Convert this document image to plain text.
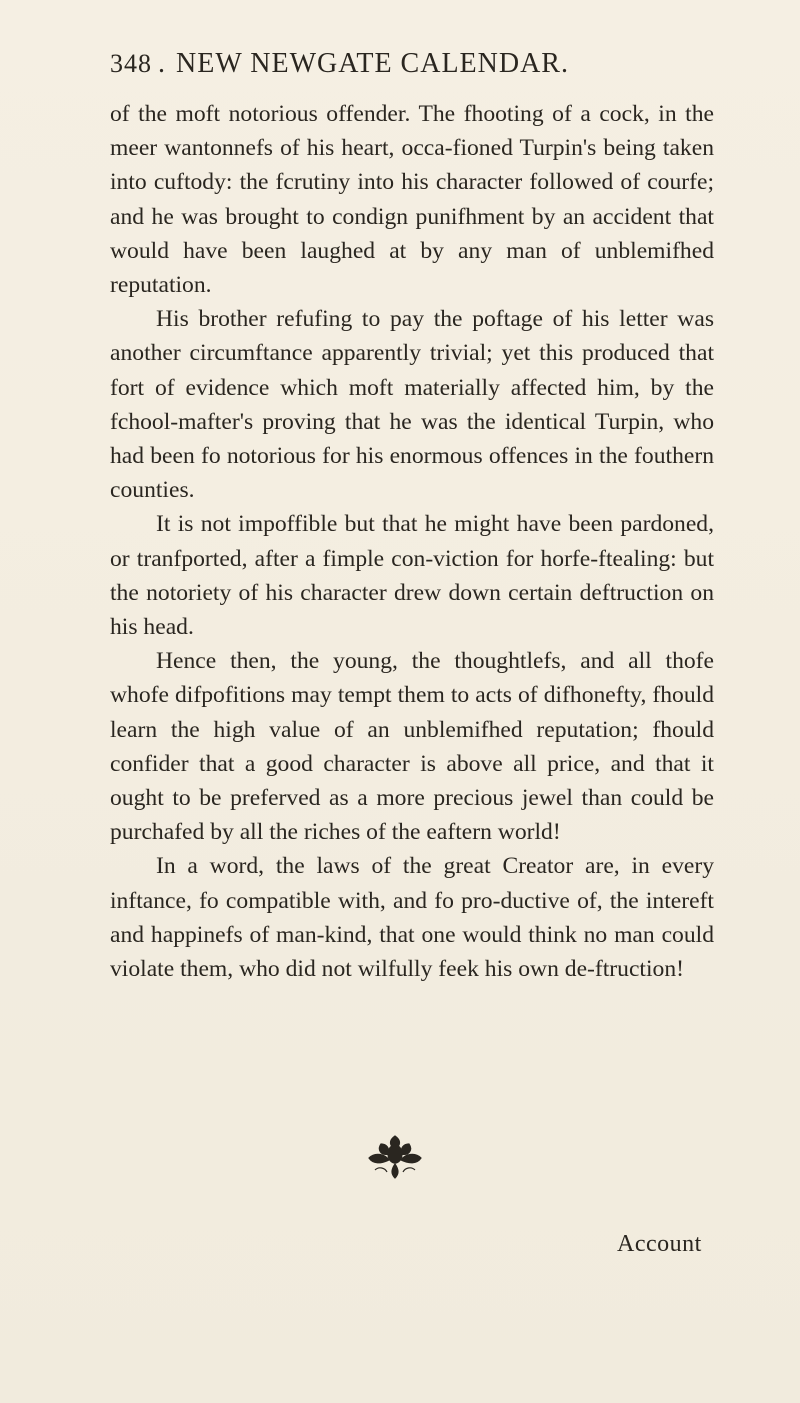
348 . NEW NEWGATE CALENDAR.

of the moft notorious offender. The fhooting of a cock, in the meer wantonnefs of his heart, occa-fioned Turpin's being taken into cuftody: the fcrutiny into his character followed of courfe; and he was brought to condign punifhment by an accident that would have been laughed at by any man of unblemifhed reputation.

His brother refufing to pay the poftage of his letter was another circumftance apparently trivial; yet this produced that fort of evidence which moft materially affected him, by the fchool-mafter's proving that he was the identical Turpin, who had been fo notorious for his enormous offences in the fouthern counties.

It is not impoffible but that he might have been pardoned, or tranfported, after a fimple con-viction for horfe-ftealing: but the notoriety of his character drew down certain deftruction on his head.

Hence then, the young, the thoughtlefs, and all thofe whofe difpofitions may tempt them to acts of difhonefty, fhould learn the high value of an unblemifhed reputation; fhould confider that a good character is above all price, and that it ought to be preferved as a more precious jewel than could be purchafed by all the riches of the eaftern world!

In a word, the laws of the great Creator are, in every inftance, fo compatible with, and fo pro-ductive of, the intereft and happinefs of man-kind, that one would think no man could violate them, who did not wilfully feek his own de-ftruction!

Account
